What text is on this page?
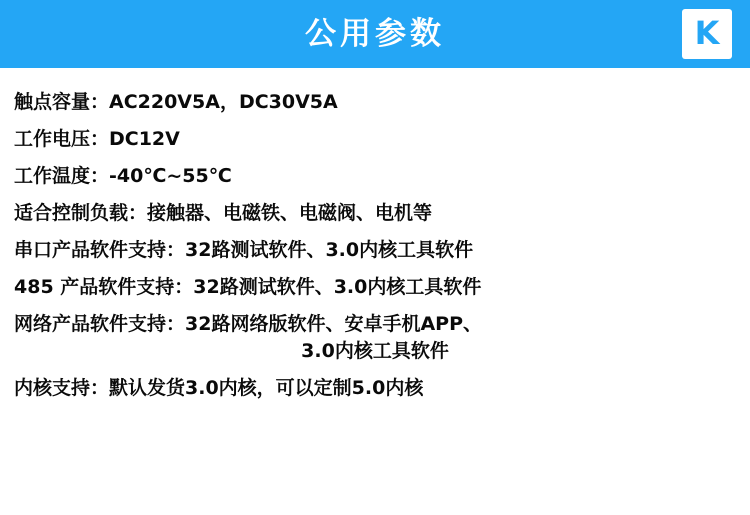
公用参数	K
触点容量：AC220V5A，DC30V5A
工作电压：DC12V
工作温度：-40℃~55℃
适合控制负载：接触器、电磁铁、电磁阀、电机等
串口产品软件支持：32路测试软件、3.0内核工具软件
485 产品软件支持：32路测试软件、3.0内核工具软件
网络产品软件支持：32路网络版软件、安卓手机APP、
3.0内核工具软件
内核支持：默认发货3.0内核，可以定制5.0内核
